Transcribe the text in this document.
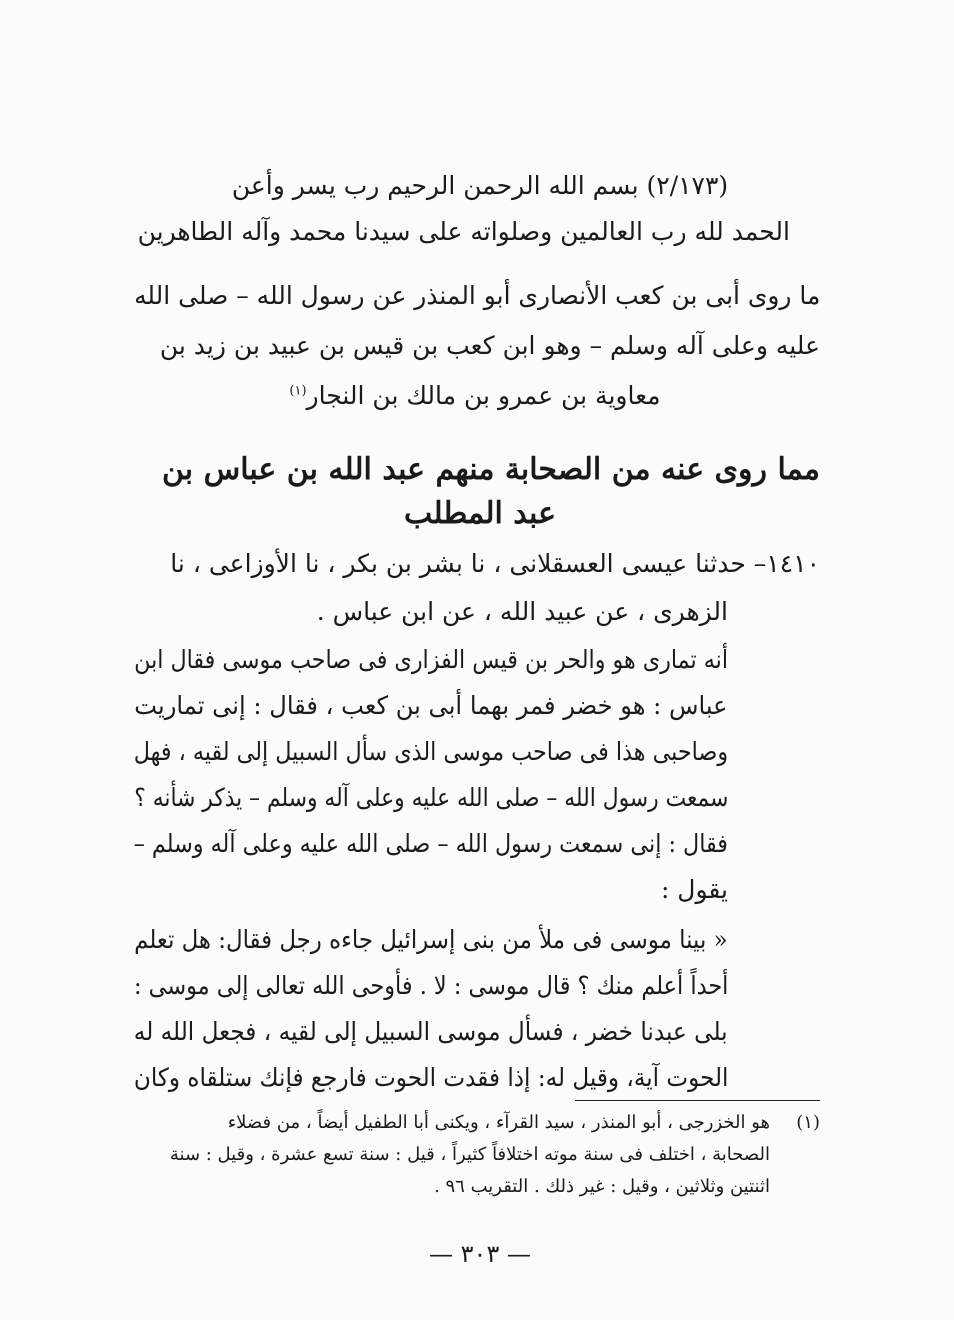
(٢/١٧٣) بسم الله الرحمن الرحيم رب يسر وأعن
الحمد لله رب العالمين وصلواته على سيدنا محمد وآله الطاهرين
ما روى أبى بن كعب الأنصارى أبو المنذر عن رسول الله – صلى الله
عليه وعلى آله وسلم – وهو ابن كعب بن قيس بن عبيد بن زيد بن
معاوية بن عمرو بن مالك بن النجار$^{(١)}$
مما روى عنه من الصحابة منهم عبد الله بن عباس بن
عبد المطلب
١٤١٠– حدثنا عيسى العسقلانى ، نا بشر بن بكر ، نا الأوزاعى ، نا
الزهرى ، عن عبيد الله ، عن ابن عباس .
أنه تمارى هو والحر بن قيس الفزارى فى صاحب موسى فقال ابن
عباس : هو خضر فمر بهما أبى بن كعب ، فقال : إنى تماريت
وصاحبى هذا فى صاحب موسى الذى سأل السبيل إلى لقيه ، فهل
سمعت رسول الله – صلى الله عليه وعلى آله وسلم – يذكر شأنه ؟
فقال : إنى سمعت رسول الله – صلى الله عليه وعلى آله وسلم –
يقول :
« بينا موسى فى ملأ من بنى إسرائيل جاءه رجل فقال: هل تعلم
أحداً أعلم منك ؟ قال موسى : لا . فأوحى الله تعالى إلى موسى :
بلى عبدنا خضر ، فسأل موسى السبيل إلى لقيه ، فجعل الله له
الحوت آية، وقيل له: إذا فقدت الحوت فارجع فإنك ستلقاه وكان
(١)
هو الخزرجى ، أبو المنذر ، سيد القرآء ، ويكنى أبا الطفيل أيضاً ، من فضلاء
الصحابة ، اختلف فى سنة موته اختلافاً كثيراً ، قيل : سنة تسع عشرة ، وقيل : سنة
اثنتين وثلاثين ، وقيل : غير ذلك . التقريب ٩٦ .
— ٣٠٣ —
